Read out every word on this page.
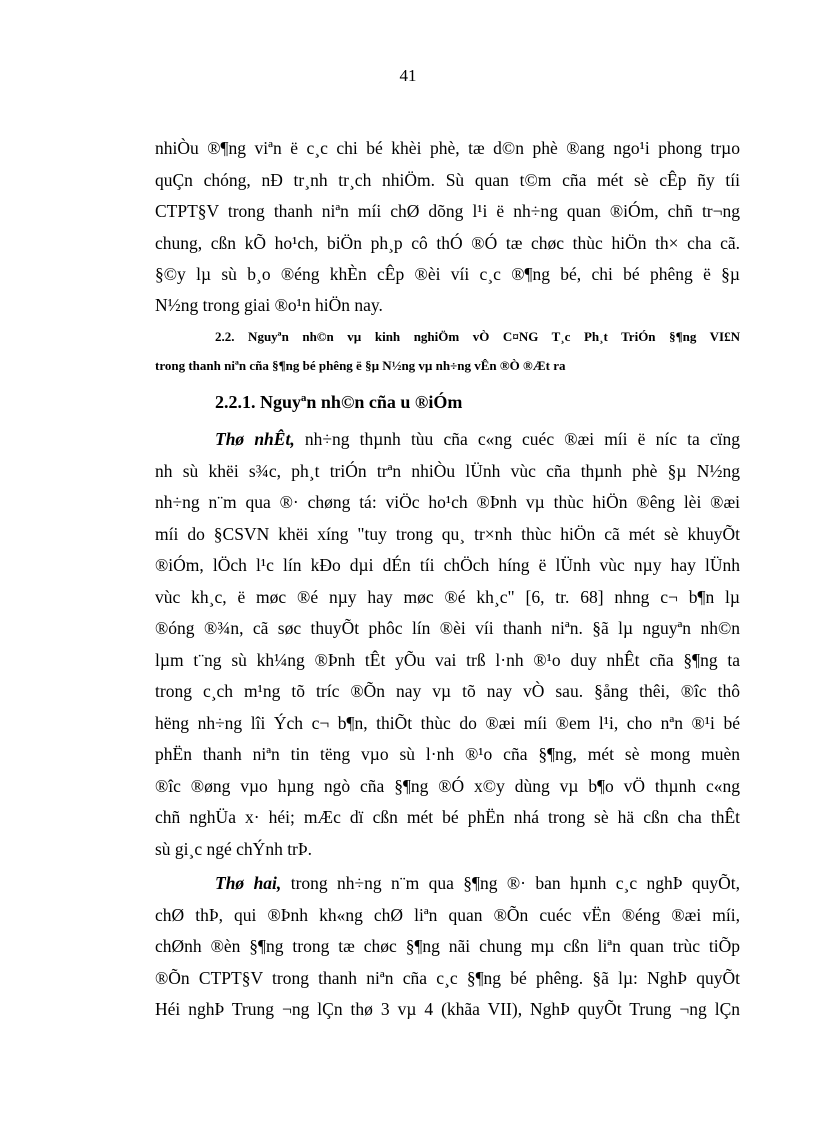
41
nhiÒu ®¶ng viªn ë c¸c chi bé khèi phè, tæ d©n phè ®ang ngo¹i phong trµo
quÇn chóng, nÐ tr¸nh tr¸ch nhiÖm. Sù quan t©m cña mét sè cÊp ñy tíi
CTPT§V trong thanh niªn míi chØ dõng l¹i ë nh÷ng quan ®iÓm, chñ tr¬ng
chung, cßn kÕ ho¹ch, biÖn ph¸p cô thÓ ®Ó tæ chøc thùc hiÖn th× cha cã.
§©y lµ sù b¸o ®éng khÈn cÊp ®èi víi c¸c ®¶ng bé, chi bé phêng ë §µ
N½ng trong giai ®o¹n hiÖn nay.
2.2. Nguyªn nh©n vµ kinh nghiÖm vÒ C¤NG T¸c Ph¸t TriÓn §¶ng VI£N
trong thanh niªn cña §¶ng bé phêng ë §µ N½ng vµ nh÷ng vÊn ®Ò ®Æt ra
2.2.1. Nguyªn nh©n cña u ®iÓm
Thø nhÊt, nh÷ng thµnh tùu cña c«ng cuéc ®æi míi ë níc ta cïng
nh sù khëi s¾c, ph¸t triÓn trªn nhiÒu lÜnh vùc cña thµnh phè §µ N½ng
nh÷ng n¨m qua ®· chøng tá: viÖc ho¹ch ®Þnh vµ thùc hiÖn ®êng lèi ®æi
míi do §CSVN khëi xíng "tuy trong qu¸ tr×nh thùc hiÖn cã mét sè khuyÕt
®iÓm, lÖch l¹c lín kÐo dµi dÉn tíi chÖch híng ë lÜnh vùc nµy hay lÜnh
vùc kh¸c, ë møc ®é nµy hay møc ®é kh¸c" [6, tr. 68] nhng c¬ b¶n lµ
®óng ®¾n, cã søc thuyÕt phôc lín ®èi víi thanh niªn. §ã lµ nguyªn nh©n
lµm t¨ng sù kh¼ng ®Þnh tÊt yÕu vai trß l·nh ®¹o duy nhÊt cña §¶ng ta
trong c¸ch m¹ng tõ tríc ®Õn nay vµ tõ nay vÒ sau. §ång thêi, ®îc thô
hëng nh÷ng lîi Ých c¬ b¶n, thiÕt thùc do ®æi míi ®em l¹i, cho nªn ®¹i bé
phËn thanh niªn tin tëng vµo sù l·nh ®¹o cña §¶ng, mét sè mong muèn
®îc ®øng vµo hµng ngò cña §¶ng ®Ó x©y dùng vµ b¶o vÖ thµnh c«ng
chñ nghÜa x· héi; mÆc dï cßn mét bé phËn nhá trong sè hä cßn cha thÊt
sù gi¸c ngé chÝnh trÞ.
Thø hai, trong nh÷ng n¨m qua §¶ng ®· ban hµnh c¸c nghÞ quyÕt,
chØ thÞ, qui ®Þnh kh«ng chØ liªn quan ®Õn cuéc vËn ®éng ®æi míi,
chØnh ®èn §¶ng trong tæ chøc §¶ng nãi chung mµ cßn liªn quan trùc tiÕp
®Õn CTPT§V trong thanh niªn cña c¸c §¶ng bé phêng. §ã lµ: NghÞ quyÕt
Héi nghÞ Trung ¬ng lÇn thø 3 vµ 4 (khãa VII), NghÞ quyÕt Trung ¬ng lÇn
